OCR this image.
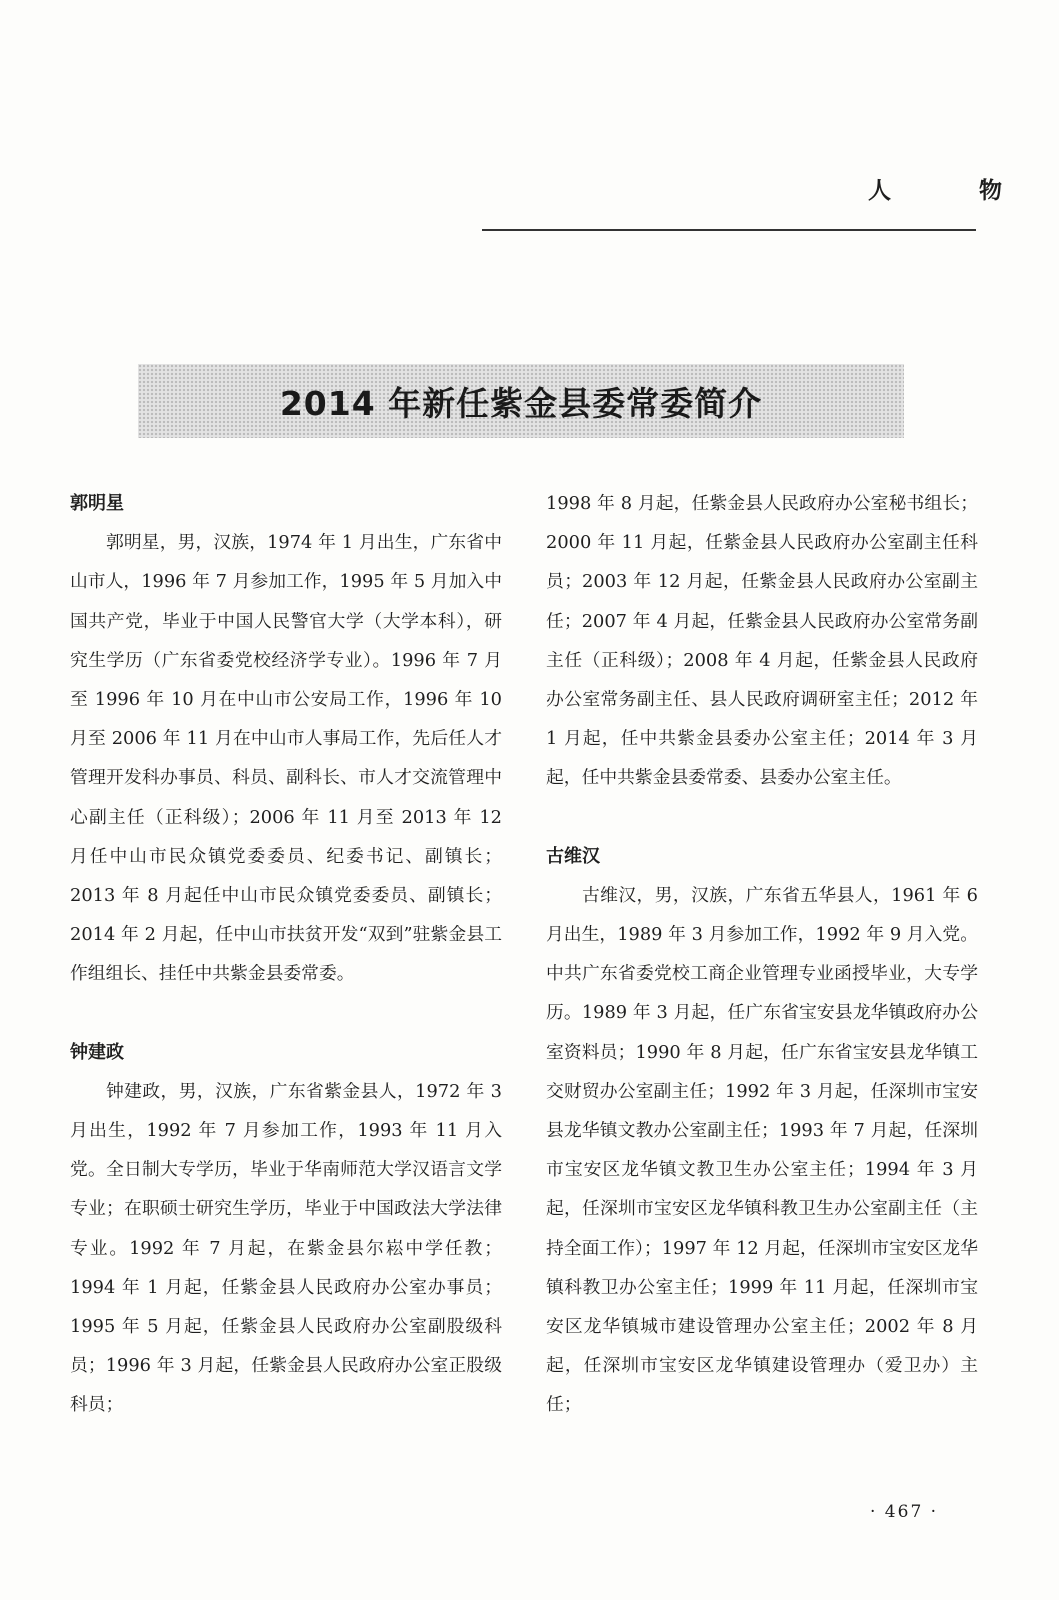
人 物
2014 年新任紫金县委常委简介

郭明星

郭明星，男，汉族，1974 年 1 月出生，广东省中山市人，1996 年 7 月参加工作，1995 年 5 月加入中国共产党，毕业于中国人民警官大学（大学本科），研究生学历（广东省委党校经济学专业）。1996 年 7 月至 1996 年 10 月在中山市公安局工作，1996 年 10 月至 2006 年 11 月在中山市人事局工作，先后任人才管理开发科办事员、科员、副科长、市人才交流管理中心副主任（正科级）；2006 年 11 月至 2013 年 12 月任中山市民众镇党委委员、纪委书记、副镇长；2013 年 8 月起任中山市民众镇党委委员、副镇长；2014 年 2 月起，任中山市扶贫开发“双到”驻紫金县工作组组长、挂任中共紫金县委常委。

钟建政

钟建政，男，汉族，广东省紫金县人，1972 年 3 月出生，1992 年 7 月参加工作，1993 年 11 月入党。全日制大专学历，毕业于华南师范大学汉语言文学专业；在职硕士研究生学历，毕业于中国政法大学法律专业。1992 年 7 月起，在紫金县尔崧中学任教；1994 年 1 月起，任紫金县人民政府办公室办事员；1995 年 5 月起，任紫金县人民政府办公室副股级科员；1996 年 3 月起，任紫金县人民政府办公室正股级科员；

1998 年 8 月起，任紫金县人民政府办公室秘书组长；2000 年 11 月起，任紫金县人民政府办公室副主任科员；2003 年 12 月起，任紫金县人民政府办公室副主任；2007 年 4 月起，任紫金县人民政府办公室常务副主任（正科级）；2008 年 4 月起，任紫金县人民政府办公室常务副主任、县人民政府调研室主任；2012 年 1 月起，任中共紫金县委办公室主任；2014 年 3 月起，任中共紫金县委常委、县委办公室主任。

古维汉

古维汉，男，汉族，广东省五华县人，1961 年 6 月出生，1989 年 3 月参加工作，1992 年 9 月入党。中共广东省委党校工商企业管理专业函授毕业，大专学历。1989 年 3 月起，任广东省宝安县龙华镇政府办公室资料员；1990 年 8 月起，任广东省宝安县龙华镇工交财贸办公室副主任；1992 年 3 月起，任深圳市宝安县龙华镇文教办公室副主任；1993 年 7 月起，任深圳市宝安区龙华镇文教卫生办公室主任；1994 年 3 月起，任深圳市宝安区龙华镇科教卫生办公室副主任（主持全面工作）；1997 年 12 月起，任深圳市宝安区龙华镇科教卫办公室主任；1999 年 11 月起，任深圳市宝安区龙华镇城市建设管理办公室主任；2002 年 8 月起，任深圳市宝安区龙华镇建设管理办（爱卫办）主任；

· 467 ·
